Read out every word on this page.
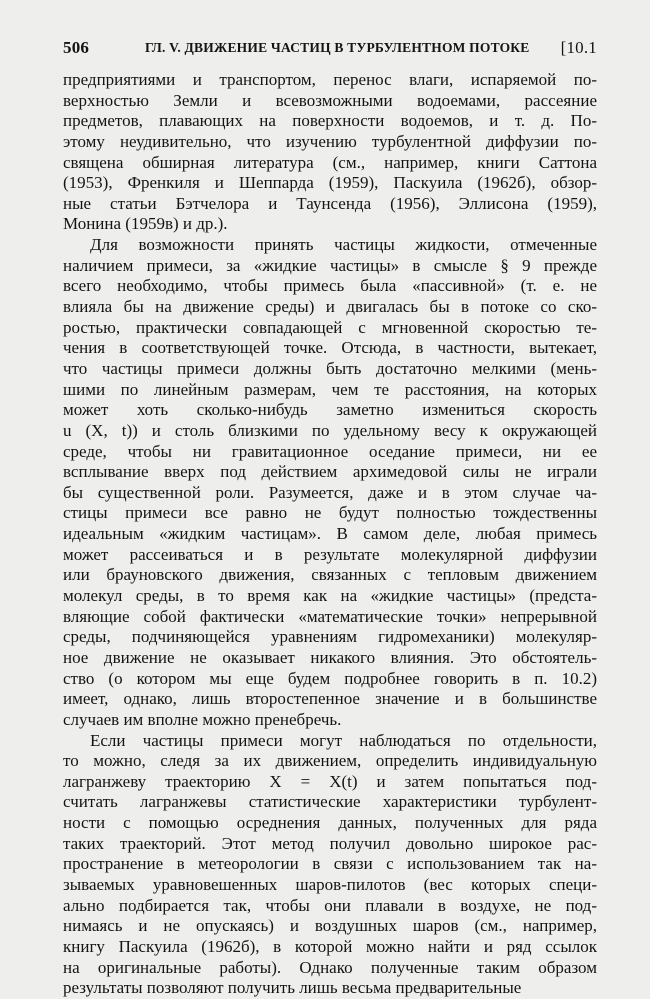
506	ГЛ. V. ДВИЖЕНИЕ ЧАСТИЦ В ТУРБУЛЕНТНОМ ПОТОКЕ [10.1
предприятиями и транспортом, перенос влаги, испаряемой по-
верхностью Земли и всевозможными водоемами, рассеяние
предметов, плавающих на поверхности водоемов, и т. д. По-
этому неудивительно, что изучению турбулентной диффузии по-
священа обширная литература (см., например, книги Саттона
(1953), Френкиля и Шеппарда (1959), Паскуила (1962б), обзор-
ные статьи Бэтчелора и Таунсенда (1956), Эллисона (1959),
Монина (1959в) и др.).
Для возможности принять частицы жидкости, отмеченные
наличием примеси, за «жидкие частицы» в смысле § 9 прежде
всего необходимо, чтобы примесь была «пассивной» (т. е. не
влияла бы на движение среды) и двигалась бы в потоке со ско-
ростью, практически совпадающей с мгновенной скоростью те-
чения в соответствующей точке. Отсюда, в частности, вытекает,
что частицы примеси должны быть достаточно мелкими (мень-
шими по линейным размерам, чем те расстояния, на которых
может хоть сколько-нибудь заметно измениться скорость
u (X, t)) и столь близкими по удельному весу к окружающей
среде, чтобы ни гравитационное оседание примеси, ни ее
всплывание вверх под действием архимедовой силы не играли
бы существенной роли. Разумеется, даже и в этом случае ча-
стицы примеси все равно не будут полностью тождественны
идеальным «жидким частицам». В самом деле, любая примесь
может рассеиваться и в результате молекулярной диффузии
или брауновского движения, связанных с тепловым движением
молекул среды, в то время как на «жидкие частицы» (предста-
вляющие собой фактически «математические точки» непрерывной
среды, подчиняющейся уравнениям гидромеханики) молекуляр-
ное движение не оказывает никакого влияния. Это обстоятель-
ство (о котором мы еще будем подробнее говорить в п. 10.2)
имеет, однако, лишь второстепенное значение и в большинстве
случаев им вполне можно пренебречь.
Если частицы примеси могут наблюдаться по отдельности,
то можно, следя за их движением, определить индивидуальную
лагранжеву траекторию X = X(t) и затем попытаться под-
считать лагранжевы статистические характеристики турбулент-
ности с помощью осреднения данных, полученных для ряда
таких траекторий. Этот метод получил довольно широкое рас-
пространение в метеорологии в связи с использованием так на-
зываемых уравновешенных шаров-пилотов (вес которых специ-
ально подбирается так, чтобы они плавали в воздухе, не под-
нимаясь и не опускаясь) и воздушных шаров (см., например,
книгу Паскуила (1962б), в которой можно найти и ряд ссылок
на оригинальные работы). Однако полученные таким образом
результаты позволяют получить лишь весьма предварительные
